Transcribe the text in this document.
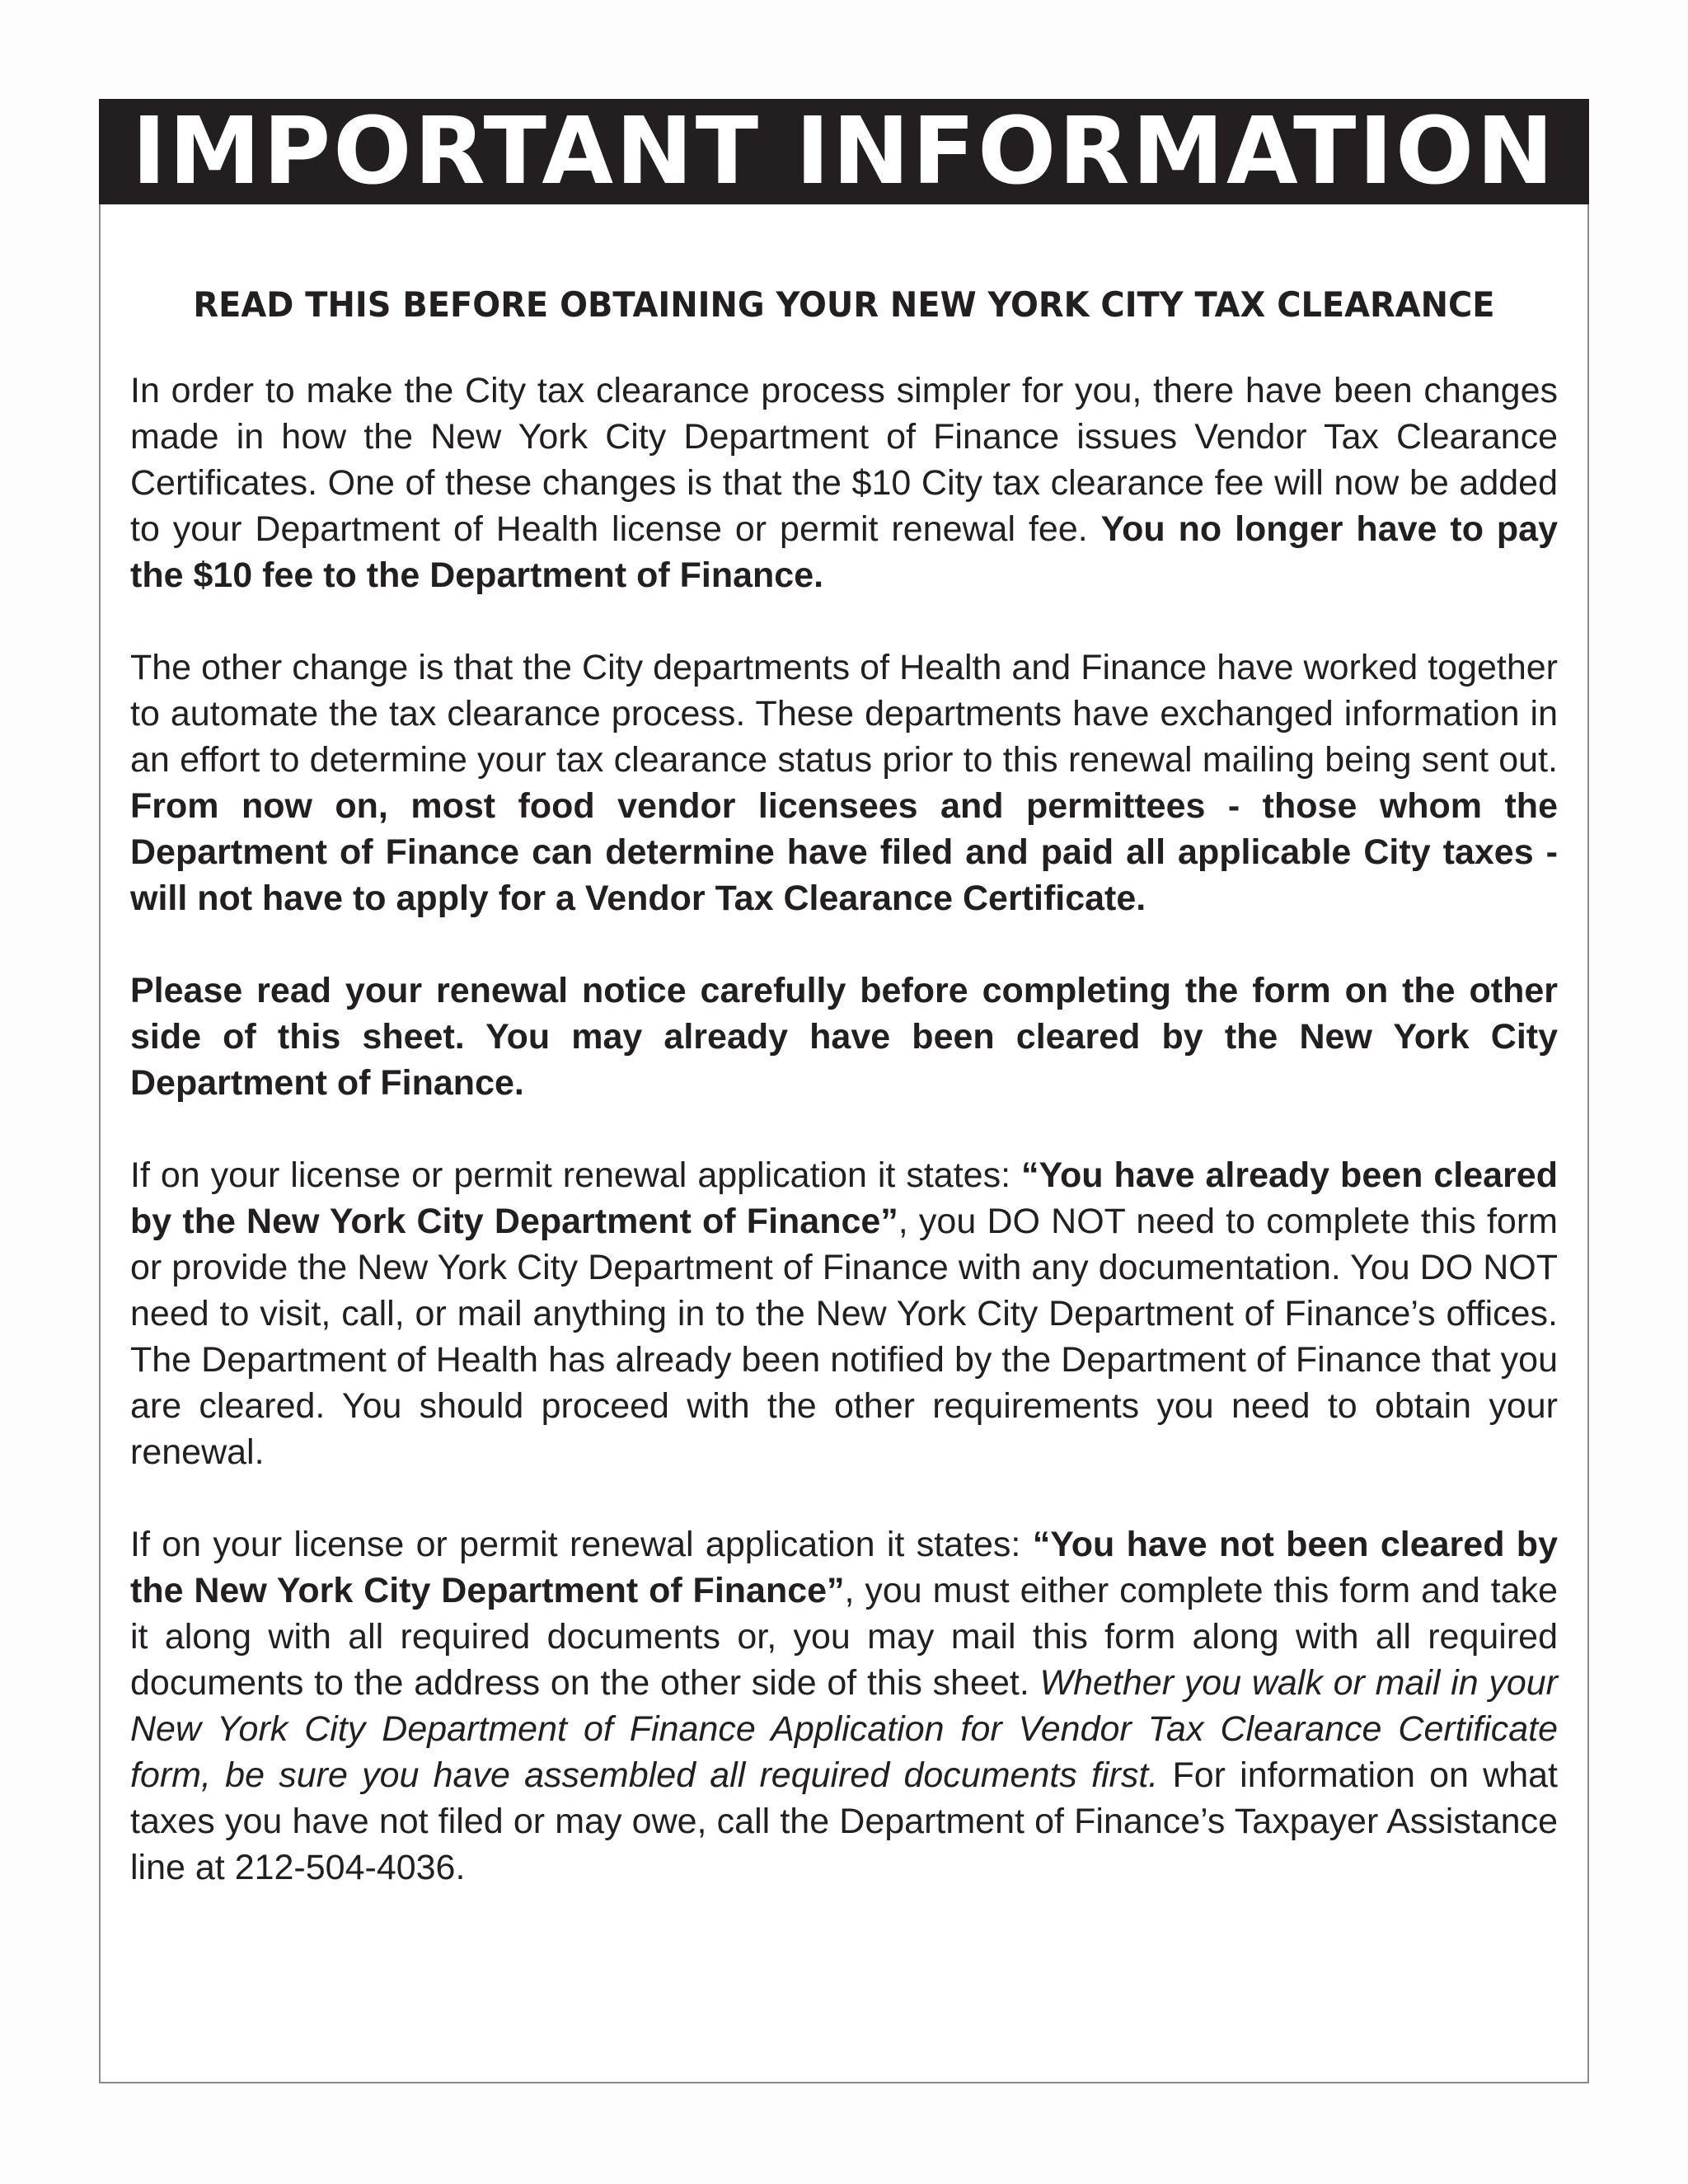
IMPORTANT INFORMATION
READ THIS BEFORE OBTAINING YOUR NEW YORK CITY TAX CLEARANCE

In order to make the City tax clearance process simpler for you, there have been changes made in how the New York City Department of Finance issues Vendor Tax Clearance Certificates. One of these changes is that the $10 City tax clearance fee will now be added to your Department of Health license or permit renewal fee. You no longer have to pay the $10 fee to the Department of Finance.

The other change is that the City departments of Health and Finance have worked together to automate the tax clearance process. These departments have exchanged information in an effort to determine your tax clearance status prior to this renewal mailing being sent out. From now on, most food vendor licensees and permittees - those whom the Department of Finance can determine have filed and paid all applicable City taxes - will not have to apply for a Vendor Tax Clearance Certificate.

Please read your renewal notice carefully before completing the form on the other side of this sheet. You may already have been cleared by the New York City Department of Finance.

If on your license or permit renewal application it states: “You have already been cleared by the New York City Department of Finance”, you DO NOT need to complete this form or provide the New York City Department of Finance with any documentation. You DO NOT need to visit, call, or mail anything in to the New York City Department of Finance’s offices. The Department of Health has already been notified by the Department of Finance that you are cleared. You should proceed with the other requirements you need to obtain your renewal.

If on your license or permit renewal application it states: “You have not been cleared by the New York City Department of Finance”, you must either complete this form and take it along with all required documents or, you may mail this form along with all required documents to the address on the other side of this sheet. Whether you walk or mail in your New York City Department of Finance Application for Vendor Tax Clearance Certificate form, be sure you have assembled all required documents first. For information on what taxes you have not filed or may owe, call the Department of Finance’s Taxpayer Assistance line at 212-504-4036.
